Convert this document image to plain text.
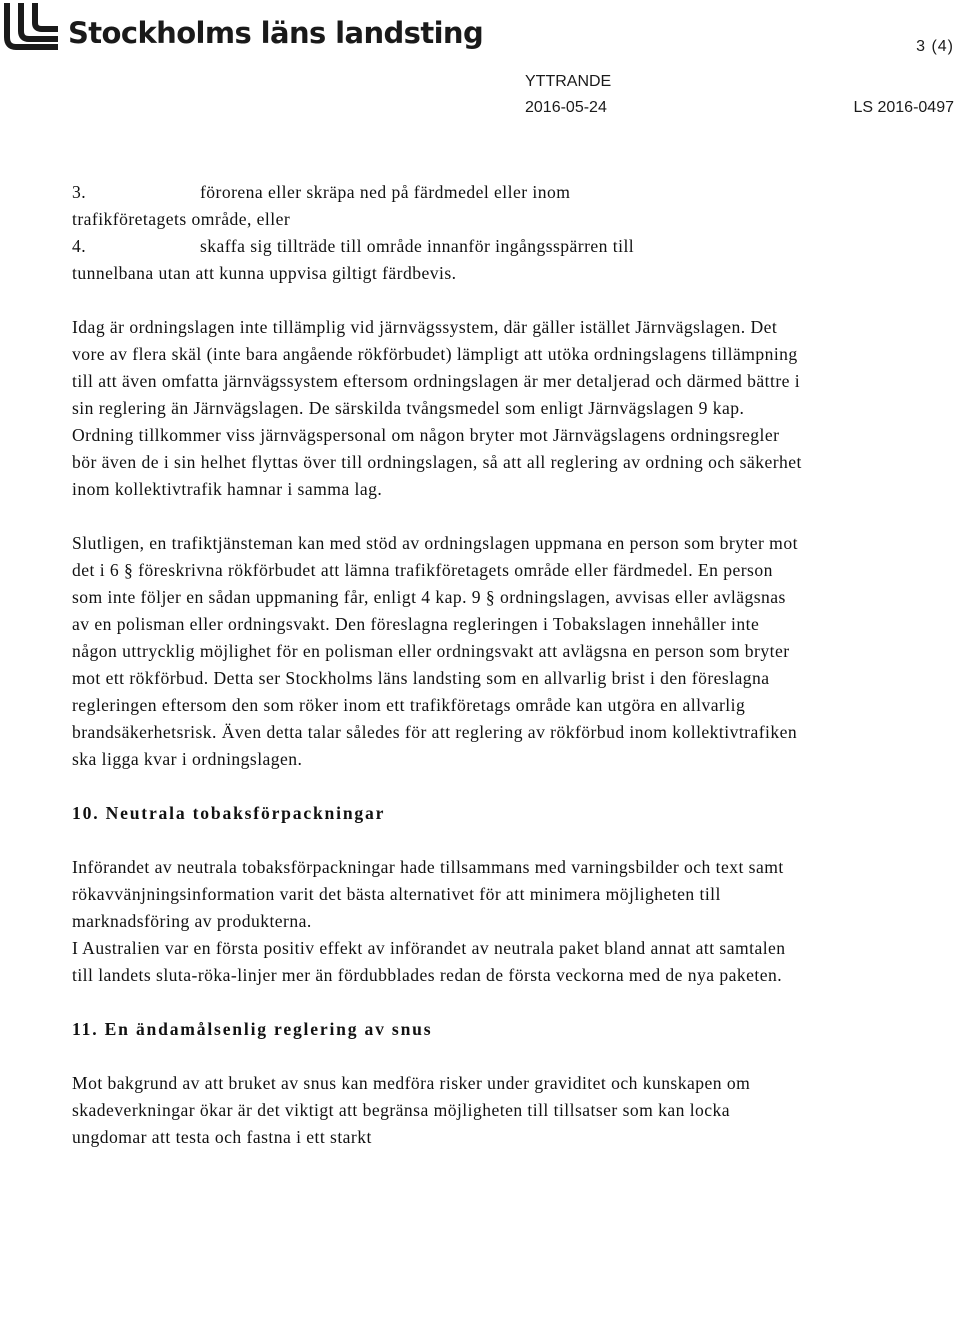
Stockholms läns landsting	3 (4)
YTTRANDE
2016-05-24	LS 2016-0497

3.	förorena eller skräpa ned på färdmedel eller inom

trafikföretagets område, eller

4.	skaffa sig tillträde till område innanför ingångsspärren till

tunnelbana utan att kunna uppvisa giltigt färdbevis.

Idag är ordningslagen inte tillämplig vid järnvägssystem, där gäller istället Järnvägslagen. Det vore av flera skäl (inte bara angående rökförbudet) lämpligt att utöka ordningslagens tillämpning till att även omfatta järnvägssystem eftersom ordningslagen är mer detaljerad och därmed bättre i sin reglering än Järnvägslagen. De särskilda tvångsmedel som enligt Järnvägslagen 9 kap. Ordning tillkommer viss järnvägspersonal om någon bryter mot Järnvägslagens ordningsregler bör även de i sin helhet flyttas över till ordningslagen, så att all reglering av ordning och säkerhet inom kollektivtrafik hamnar i samma lag.

Slutligen, en trafiktjänsteman kan med stöd av ordningslagen uppmana en person som bryter mot det i 6 § föreskrivna rökförbudet att lämna trafikföretagets område eller färdmedel. En person som inte följer en sådan uppmaning får, enligt 4 kap. 9 § ordningslagen, avvisas eller avlägsnas av en polisman eller ordningsvakt. Den föreslagna regleringen i Tobakslagen innehåller inte någon uttrycklig möjlighet för en polisman eller ordningsvakt att avlägsna en person som bryter mot ett rökförbud. Detta ser Stockholms läns landsting som en allvarlig brist i den föreslagna regleringen eftersom den som röker inom ett trafikföretags område kan utgöra en allvarlig brandsäkerhetsrisk. Även detta talar således för att reglering av rökförbud inom kollektivtrafiken ska ligga kvar i ordningslagen.

10. Neutrala tobaksförpackningar

Införandet av neutrala tobaksförpackningar hade tillsammans med varningsbilder och text samt rökavvänjningsinformation varit det bästa alternativet för att minimera möjligheten till marknadsföring av produkterna.

I Australien var en första positiv effekt av införandet av neutrala paket bland annat att samtalen till landets sluta-röka-linjer mer än fördubblades redan de första veckorna med de nya paketen.

11. En ändamålsenlig reglering av snus

Mot bakgrund av att bruket av snus kan medföra risker under graviditet och kunskapen om skadeverkningar ökar är det viktigt att begränsa möjligheten till tillsatser som kan locka ungdomar att testa och fastna i ett starkt
